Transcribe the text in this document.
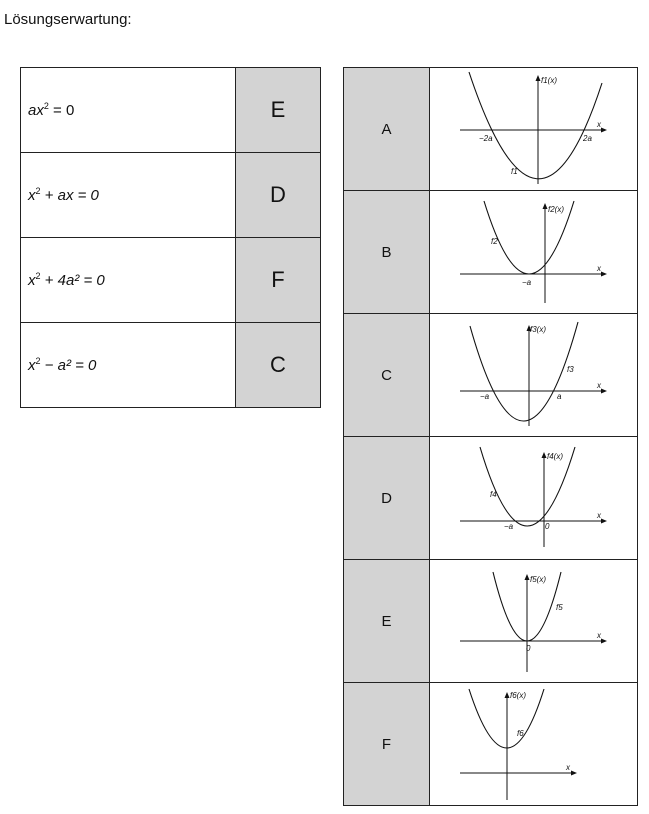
Lösungserwartung:
$ax^2 = 0$	E
$x^2$ + ax = 0	D
$x^2 + 4a^2 = 0$	F
$x^2 - a^2 = 0$	C
A	f1(x)
−2a 2a
x
f1

B	f2(x)
−a
x
f2

C	f3(x)
−a a
x
f3

D	f4(x)
−a 0
x
f4

E	f5(x)
0
x
f5

F	f6(x)
x
f6
